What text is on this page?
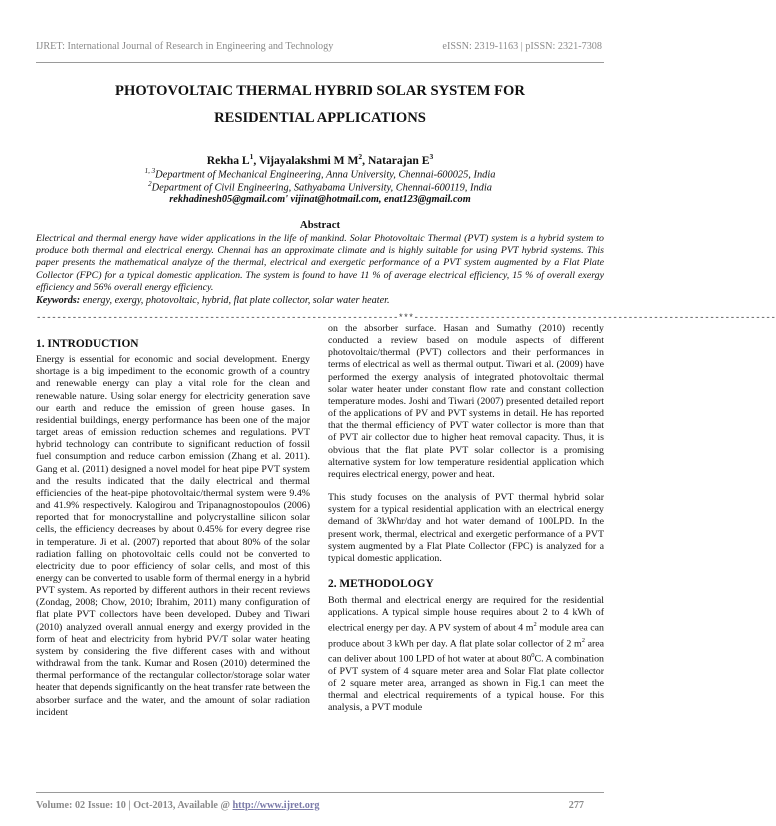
IJRET: International Journal of Research in Engineering and Technology	eISSN: 2319-1163 | pISSN: 2321-7308
PHOTOVOLTAIC THERMAL HYBRID SOLAR SYSTEM FOR
RESIDENTIAL APPLICATIONS
Rekha $L^1$, Vijayalakshmi M $M^2$, Natarajan $E^3$
$^{1, 3}$Department of Mechanical Engineering, Anna University, Chennai-600025, India
$^2$Department of Civil Engineering, Sathyabama University, Chennai-600119, India
rekhadinesh05@gmail.com' vijinat@hotmail.com, enat123@gmail.com
Abstract
Electrical and thermal energy have wider applications in the life of mankind. Solar Photovoltaic Thermal (PVT) system is a hybrid system to produce both thermal and electrical energy. Chennai has an approximate climate and is highly suitable for using PVT hybrid systems. This paper presents the mathematical analyze of the thermal, electrical and exergetic performance of a PVT system augmented by a Flat Plate Collector (FPC) for a typical domestic application. The system is found to have 11 % of average electrical efficiency, 15 % of overall exergy efficiency and 56% overall energy efficiency.
Keywords: energy, exergy, photovoltaic, hybrid, flat plate collector, solar water heater.
-----------------------------------------------------------------------***-----------------------------------------------------------------------
1. INTRODUCTION

Energy is essential for economic and social development. Energy shortage is a big impediment to the economic growth of a country and renewable energy can play a vital role for the clean and renewable nature. Using solar energy for electricity generation save our earth and reduce the emission of green house gases. In residential buildings, energy performance has been one of the major target areas of emission reduction schemes and regulations. PVT hybrid technology can contribute to significant reduction of fossil fuel consumption and reduce carbon emission (Zhang et al. 2011). Gang et al. (2011) designed a novel model for heat pipe PVT system and the results indicated that the daily electrical and thermal efficiencies of the heat-pipe photovoltaic/thermal system were 9.4% and 41.9% respectively. Kalogirou and Tripanagnostopoulos (2006) reported that for monocrystalline and polycrystalline silicon solar cells, the efficiency decreases by about 0.45% for every degree rise in temperature. Ji et al. (2007) reported that about 80% of the solar radiation falling on photovoltaic cells could not be converted to electricity due to poor efficiency of solar cells, and most of this energy can be converted to usable form of thermal energy in a hybrid PVT system. As reported by different authors in their recent reviews (Zondag, 2008; Chow, 2010; Ibrahim, 2011) many configuration of flat plate PVT collectors have been developed. Dubey and Tiwari (2010) analyzed overall annual energy and exergy provided in the form of heat and electricity from hybrid PV/T solar water heating system by considering the five different cases with and without withdrawal from the tank. Kumar and Rosen (2010) determined the thermal performance of the rectangular collector/storage solar water heater that depends significantly on the heat transfer rate between the absorber surface and the water, and the amount of solar radiation incident

on the absorber surface. Hasan and Sumathy (2010) recently conducted a review based on module aspects of different photovoltaic/thermal (PVT) collectors and their performances in terms of electrical as well as thermal output. Tiwari et al. (2009) have performed the exergy analysis of integrated photovoltaic thermal solar water heater under constant flow rate and constant collection temperature modes. Joshi and Tiwari (2007) presented detailed report of the applications of PV and PVT systems in detail. He has reported that the thermal efficiency of PVT water collector is more than that of PVT air collector due to higher heat removal capacity. Thus, it is obvious that the flat plate PVT solar collector is a promising alternative system for low temperature residential application which requires electrical energy, power and heat.

This study focuses on the analysis of PVT thermal hybrid solar system for a typical residential application with an electrical energy demand of 3kWhr/day and hot water demand of 100LPD. In the present work, thermal, electrical and exergetic performance of a PVT system augmented by a Flat Plate Collector (FPC) is analyzed for a typical domestic application.

2. METHODOLOGY

Both thermal and electrical energy are required for the residential applications. A typical simple house requires about 2 to 4 kWh of electrical energy per day. A PV system of about 4 $m^2$ module area can produce about 3 kWh per day. A flat plate solar collector of 2 $m^2$ area can deliver about 100 LPD of hot water at about $80^0C$. A combination of PVT system of 4 square meter area and Solar Flat plate collector of 2 square meter area, arranged as shown in Fig.1 can meet the thermal and electrical requirements of a typical house. For this analysis, a PVT module

Volume: 02 Issue: 10 | Oct-2013, Available @ http://www.ijret.org	277
